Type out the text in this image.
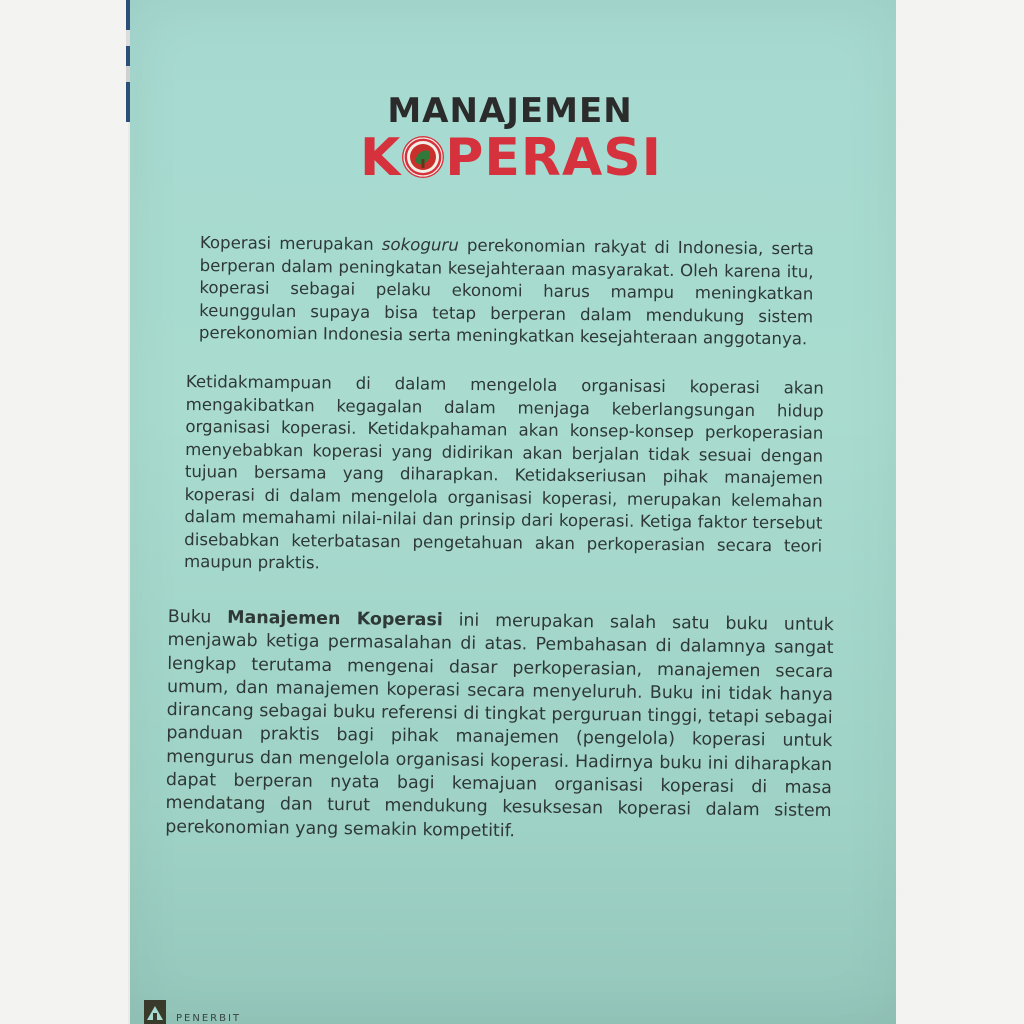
MANAJEMEN
K PERASI
Koperasi merupakan sokoguru perekonomian rakyat di Indonesia, serta berperan dalam peningkatan kesejahteraan masyarakat. Oleh karena itu, koperasi sebagai pelaku ekonomi harus mampu meningkatkan keunggulan supaya bisa tetap berperan dalam mendukung sistem perekonomian Indonesia serta meningkatkan kesejahteraan anggotanya.
Ketidakmampuan di dalam mengelola organisasi koperasi akan mengakibatkan kegagalan dalam menjaga keberlangsungan hidup organisasi koperasi. Ketidakpahaman akan konsep-konsep perkoperasian menyebabkan koperasi yang didirikan akan berjalan tidak sesuai dengan tujuan bersama yang diharapkan. Ketidakseriusan pihak manajemen koperasi di dalam mengelola organisasi koperasi, merupakan kelemahan dalam memahami nilai-nilai dan prinsip dari koperasi. Ketiga faktor tersebut disebabkan keterbatasan pengetahuan akan perkoperasian secara teori maupun praktis.
Buku Manajemen Koperasi ini merupakan salah satu buku untuk menjawab ketiga permasalahan di atas. Pembahasan di dalamnya sangat lengkap terutama mengenai dasar perkoperasian, manajemen secara umum, dan manajemen koperasi secara menyeluruh. Buku ini tidak hanya dirancang sebagai buku referensi di tingkat perguruan tinggi, tetapi sebagai panduan praktis bagi pihak manajemen (pengelola) koperasi untuk mengurus dan mengelola organisasi koperasi. Hadirnya buku ini diharapkan dapat berperan nyata bagi kemajuan organisasi koperasi di masa mendatang dan turut mendukung kesuksesan koperasi dalam sistem perekonomian yang semakin kompetitif.
PENERBIT
